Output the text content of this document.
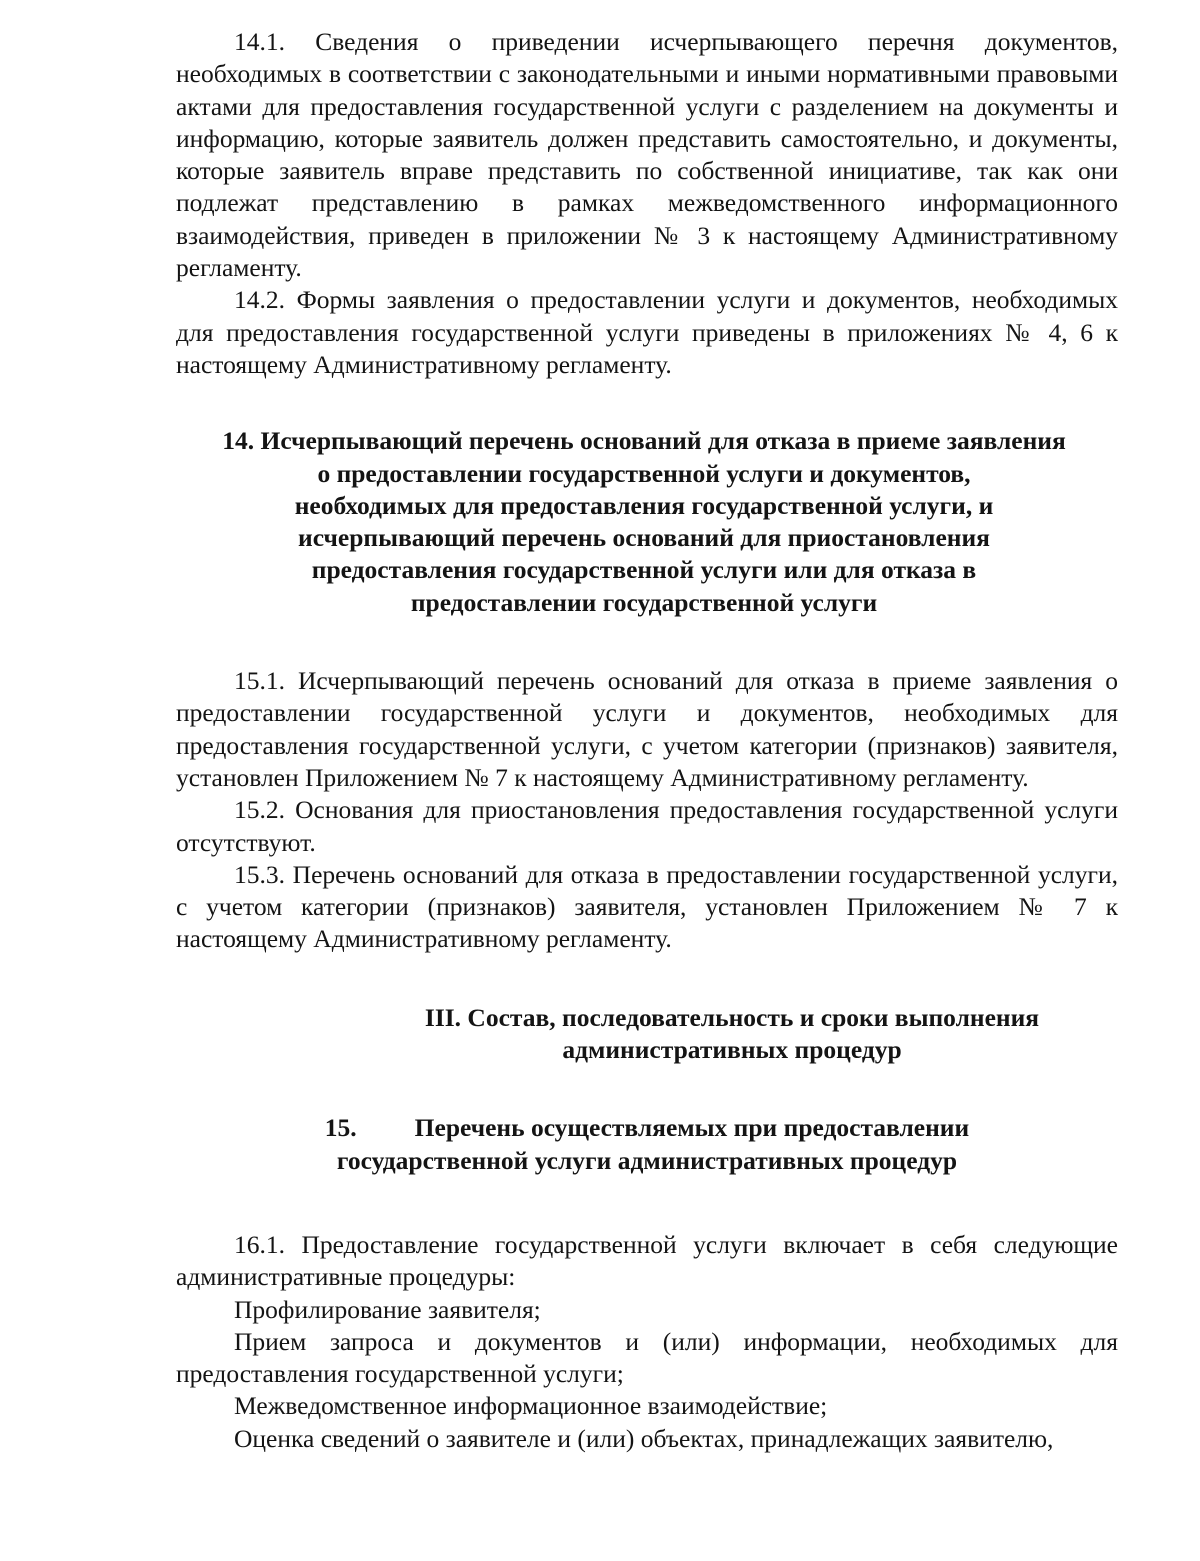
14.1. Сведения о приведении исчерпывающего перечня документов, необходимых в соответствии с законодательными и иными нормативными правовыми актами для предоставления государственной услуги с разделением на документы и информацию, которые заявитель должен представить самостоятельно, и документы, которые заявитель вправе представить по собственной инициативе, так как они подлежат представлению в рамках межведомственного информационного взаимодействия, приведен в приложении № 3 к настоящему Административному регламенту.

14.2. Формы заявления о предоставлении услуги и документов, необходимых для предоставления государственной услуги приведены в приложениях № 4, 6 к настоящему Административному регламенту.

14. Исчерпывающий перечень оснований для отказа в приеме заявления
о предоставлении государственной услуги и документов,
необходимых для предоставления государственной услуги, и
исчерпывающий перечень оснований для приостановления
предоставления государственной услуги или для отказа в
предоставлении государственной услуги

15.1. Исчерпывающий перечень оснований для отказа в приеме заявления о предоставлении государственной услуги и документов, необходимых для предоставления государственной услуги, с учетом категории (признаков) заявителя, установлен Приложением № 7 к настоящему Административному регламенту.

15.2. Основания для приостановления предоставления государственной услуги отсутствуют.

15.3. Перечень оснований для отказа в предоставлении государственной услуги, с учетом категории (признаков) заявителя, установлен Приложением № 7 к настоящему Административному регламенту.

III. Состав, последовательность и сроки выполнения
административных процедур
15. Перечень осуществляемых при предоставлении
государственной услуги административных процедур

16.1. Предоставление государственной услуги включает в себя следующие административные процедуры:

Профилирование заявителя;

Прием запроса и документов и (или) информации, необходимых для предоставления государственной услуги;

Межведомственное информационное взаимодействие;

Оценка сведений о заявителе и (или) объектах, принадлежащих заявителю,
